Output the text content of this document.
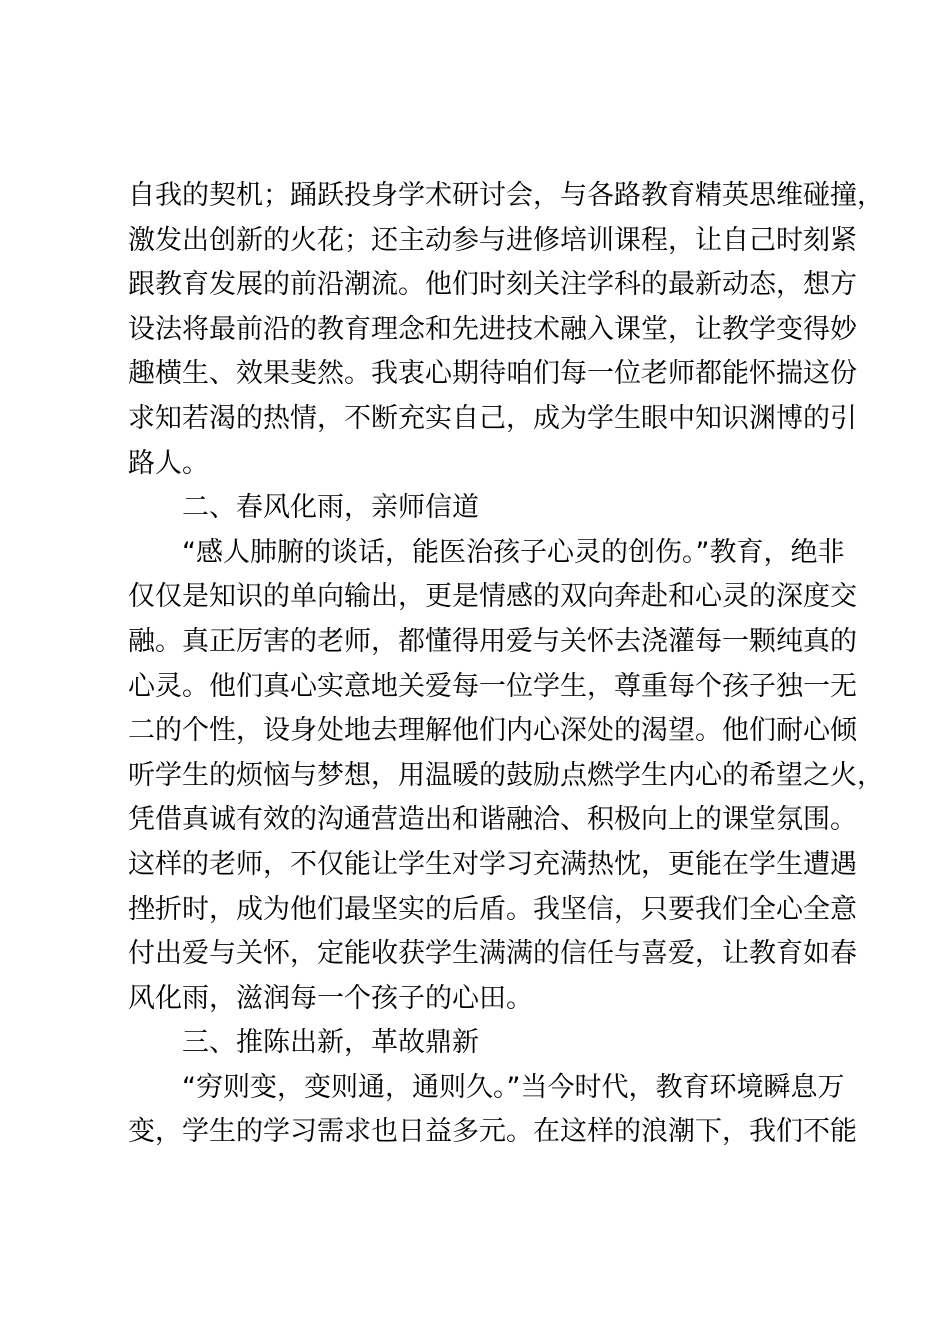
自我的契机；踊跃投身学术研讨会，与各路教育精英思维碰撞，
激发出创新的火花；还主动参与进修培训课程，让自己时刻紧
跟教育发展的前沿潮流。他们时刻关注学科的最新动态，想方
设法将最前沿的教育理念和先进技术融入课堂，让教学变得妙
趣横生、效果斐然。我衷心期待咱们每一位老师都能怀揣这份
求知若渴的热情，不断充实自己，成为学生眼中知识渊博的引
路人。
二、春风化雨，亲师信道
“感人肺腑的谈话，能医治孩子心灵的创伤。”教育，绝非
仅仅是知识的单向输出，更是情感的双向奔赴和心灵的深度交
融。真正厉害的老师，都懂得用爱与关怀去浇灌每一颗纯真的
心灵。他们真心实意地关爱每一位学生，尊重每个孩子独一无
二的个性，设身处地去理解他们内心深处的渴望。他们耐心倾
听学生的烦恼与梦想，用温暖的鼓励点燃学生内心的希望之火，
凭借真诚有效的沟通营造出和谐融洽、积极向上的课堂氛围。
这样的老师，不仅能让学生对学习充满热忱，更能在学生遭遇
挫折时，成为他们最坚实的后盾。我坚信，只要我们全心全意
付出爱与关怀，定能收获学生满满的信任与喜爱，让教育如春
风化雨，滋润每一个孩子的心田。
三、推陈出新，革故鼎新
“穷则变，变则通，通则久。”当今时代，教育环境瞬息万
变，学生的学习需求也日益多元。在这样的浪潮下，我们不能
